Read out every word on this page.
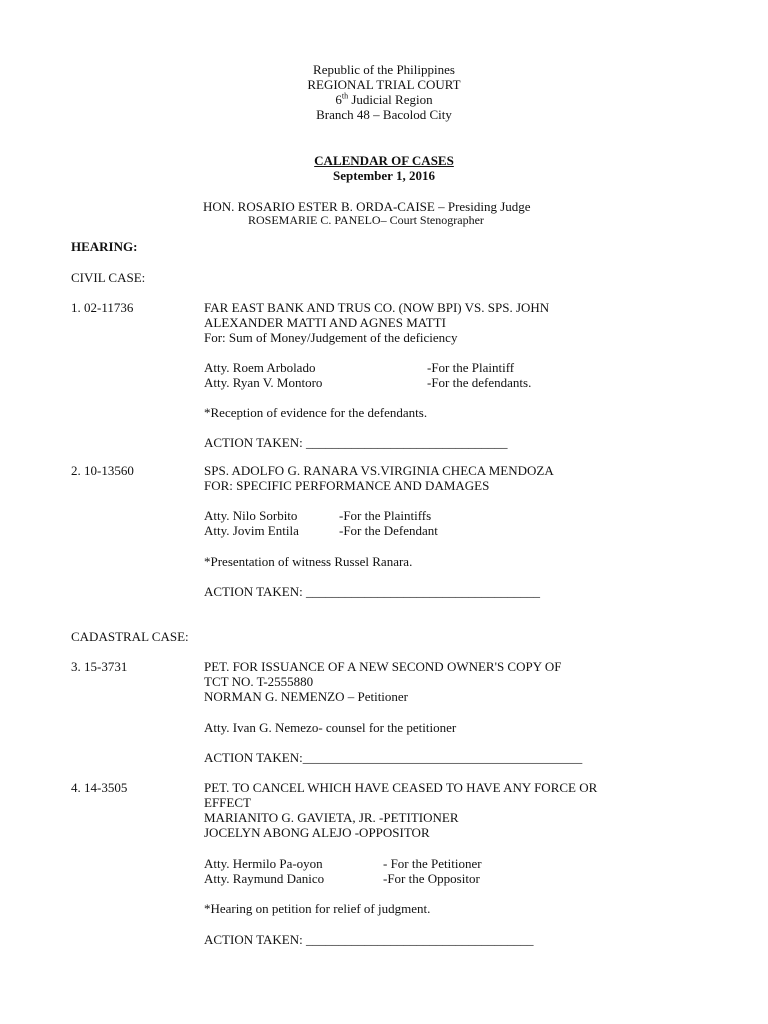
Republic of the Philippines
REGIONAL TRIAL COURT
6th Judicial Region
Branch 48 – Bacolod City
CALENDAR OF CASES
September 1, 2016
HON. ROSARIO ESTER B. ORDA-CAISE – Presiding Judge
ROSEMARIE C. PANELO– Court Stenographer
HEARING:
CIVIL CASE:
1. 02-11736	FAR EAST BANK AND TRUS CO. (NOW BPI) VS. SPS. JOHN
ALEXANDER MATTI AND AGNES MATTI
For: Sum of Money/Judgement of the deficiency
Atty. Roem Arbolado	-For the Plaintiff
Atty. Ryan V. Montoro	-For the defendants.
*Reception of evidence for the defendants.
ACTION TAKEN: _______________________________
2. 10-13560	SPS. ADOLFO G. RANARA VS.VIRGINIA CHECA MENDOZA
FOR: SPECIFIC PERFORMANCE AND DAMAGES
Atty. Nilo Sorbito	-For the Plaintiffs
Atty. Jovim Entila	-For the Defendant
*Presentation of witness Russel Ranara.
ACTION TAKEN: ____________________________________
CADASTRAL CASE:
3. 15-3731	PET. FOR ISSUANCE OF A NEW SECOND OWNER'S COPY OF
TCT NO. T-2555880
NORMAN G. NEMENZO – Petitioner
Atty. Ivan G. Nemezo- counsel for the petitioner
ACTION TAKEN:___________________________________________
4. 14-3505	PET. TO CANCEL WHICH HAVE CEASED TO HAVE ANY FORCE OR
EFFECT
MARIANITO G. GAVIETA, JR. -PETITIONER
JOCELYN ABONG ALEJO -OPPOSITOR
Atty. Hermilo Pa-oyon	- For the Petitioner
Atty. Raymund Danico	-For the Oppositor
*Hearing on petition for relief of judgment.
ACTION TAKEN: ___________________________________
